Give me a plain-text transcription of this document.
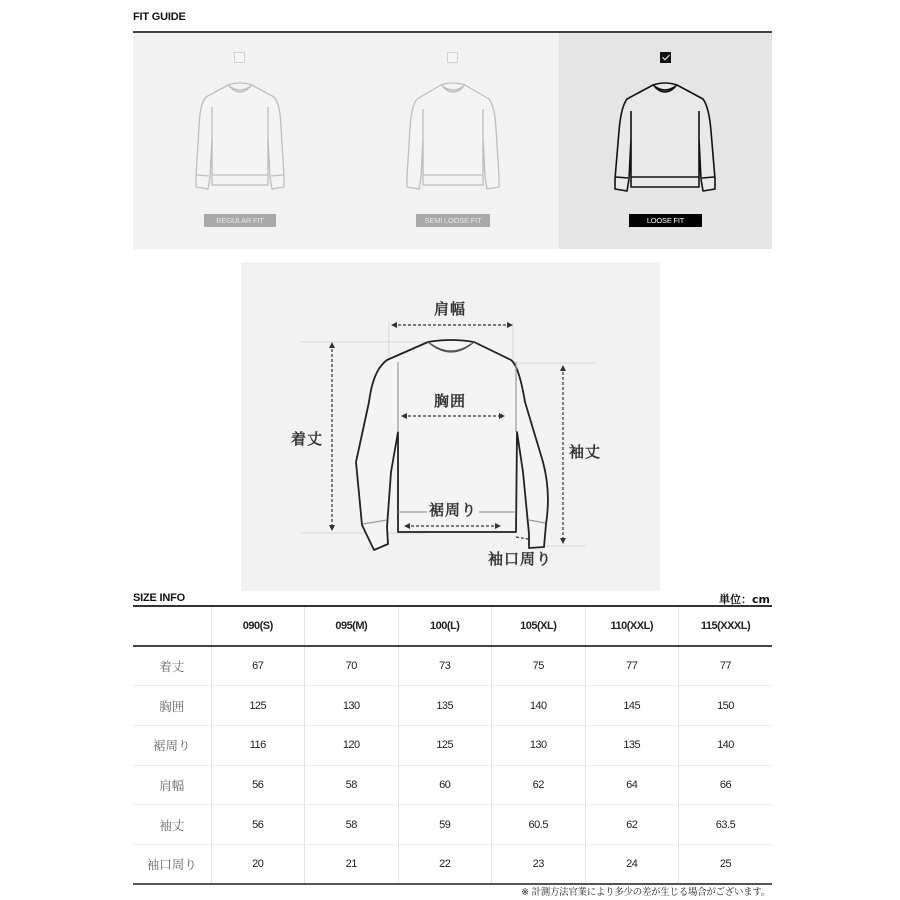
FIT GUIDE
REGULAR FIT	SEMI LOOSE FIT	LOOSE FIT
肩幅
胸囲
着丈
袖丈
裾周り
袖口周り
SIZE INFO	単位：cm
	090(S)	095(M)	100(L)	105(XL)	110(XXL)	115(XXXL)
着丈	67	70	73	75	77	77
胸囲	125	130	135	140	145	150
裾周り	116	120	125	130	135	140
肩幅	56	58	60	62	64	66
袖丈	56	58	59	60.5	62	63.5
袖口周り	20	21	22	23	24	25
※ 計測方法官業により多少の差が生じる場合がございます。
